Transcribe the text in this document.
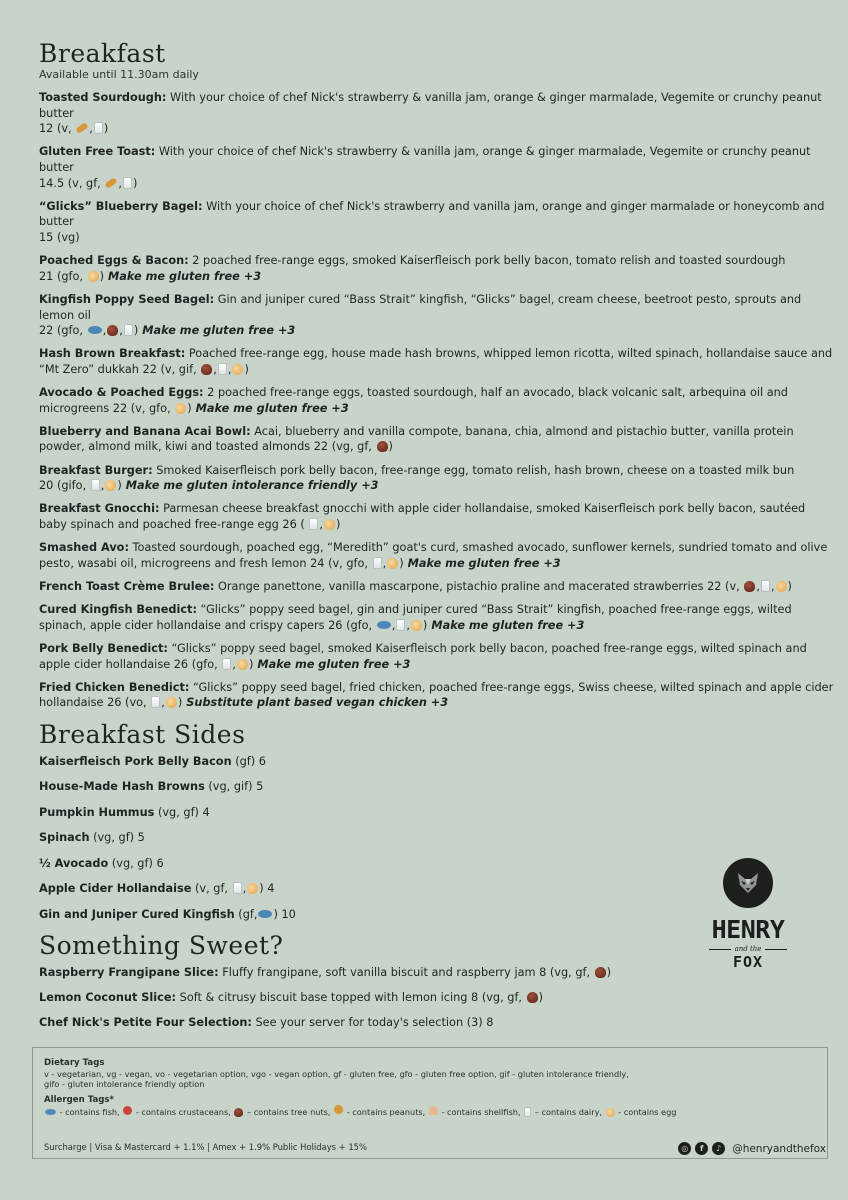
Breakfast
Available until 11.30am daily
Toasted Sourdough: With your choice of chef Nick's strawberry & vanilla jam, orange & ginger marmalade, Vegemite or crunchy peanut butter
12 (v, , )
Gluten Free Toast: With your choice of chef Nick's strawberry & vanilla jam, orange & ginger marmalade, Vegemite or crunchy peanut butter
14.5 (v, gf, , )
“Glicks” Blueberry Bagel: With your choice of chef Nick's strawberry and vanilla jam, orange and ginger marmalade or honeycomb and butter
15 (vg)
Poached Eggs & Bacon: 2 poached free-range eggs, smoked Kaiserfleisch pork belly bacon, tomato relish and toasted sourdough
21 (gfo, ) Make me gluten free +3
Kingfish Poppy Seed Bagel: Gin and juniper cured “Bass Strait” kingfish, “Glicks” bagel, cream cheese, beetroot pesto, sprouts and lemon oil
22 (gfo, , , ) Make me gluten free +3
Hash Brown Breakfast: Poached free-range egg, house made hash browns, whipped lemon ricotta, wilted spinach, hollandaise sauce and “Mt Zero” dukkah 22 (v, gif, , , )
Avocado & Poached Eggs: 2 poached free-range eggs, toasted sourdough, half an avocado, black volcanic salt, arbequina oil and microgreens 22 (v, gfo, ) Make me gluten free +3
Blueberry and Banana Acai Bowl: Acai, blueberry and vanilla compote, banana, chia, almond and pistachio butter, vanilla protein powder, almond milk, kiwi and toasted almonds 22 (vg, gf, )
Breakfast Burger: Smoked Kaiserfleisch pork belly bacon, free-range egg, tomato relish, hash brown, cheese on a toasted milk bun
20 (gifo, , ) Make me gluten intolerance friendly +3
Breakfast Gnocchi: Parmesan cheese breakfast gnocchi with apple cider hollandaise, smoked Kaiserfleisch pork belly bacon, sautéed baby spinach and poached free-range egg 26 ( , )
Smashed Avo: Toasted sourdough, poached egg, “Meredith” goat's curd, smashed avocado, sunflower kernels, sundried tomato and olive pesto, wasabi oil, microgreens and fresh lemon 24 (v, gfo, , ) Make me gluten free +3
French Toast Crème Brulee: Orange panettone, vanilla mascarpone, pistachio praline and macerated strawberries 22 (v, , , )
Cured Kingfish Benedict: “Glicks” poppy seed bagel, gin and juniper cured “Bass Strait” kingfish, poached free-range eggs, wilted spinach, apple cider hollandaise and crispy capers 26 (gfo, , , ) Make me gluten free +3
Pork Belly Benedict: “Glicks” poppy seed bagel, smoked Kaiserfleisch pork belly bacon, poached free-range eggs, wilted spinach and apple cider hollandaise 26 (gfo, , ) Make me gluten free +3
Fried Chicken Benedict: “Glicks” poppy seed bagel, fried chicken, poached free-range eggs, Swiss cheese, wilted spinach and apple cider hollandaise 26 (vo, , ) Substitute plant based vegan chicken +3
Breakfast Sides
Kaiserfleisch Pork Belly Bacon (gf) 6
House-Made Hash Browns (vg, gif) 5
Pumpkin Hummus (vg, gf) 4
Spinach (vg, gf) 5
½ Avocado (vg, gf) 6
Apple Cider Hollandaise (v, gf, , ) 4
Gin and Juniper Cured Kingfish (gf, ) 10
Something Sweet?
Raspberry Frangipane Slice: Fluffy frangipane, soft vanilla biscuit and raspberry jam 8 (vg, gf, )
Lemon Coconut Slice: Soft & citrusy biscuit base topped with lemon icing 8 (vg, gf, )
Chef Nick's Petite Four Selection: See your server for today's selection (3) 8
HENRY
and the
FOX
Dietary Tags
v - vegetarian, vg - vegan, vo - vegetarian option, vgo - vegan option, gf - gluten free, gfo - gluten free option, gif - gluten intolerance friendly,
gifo - gluten intolerance friendly option
Allergen Tags*
- contains fish,  - contains crustaceans,  – contains tree nuts,  - contains peanuts,  - contains shellfish,  – contains dairy,  - contains egg
Surcharge | Visa & Mastercard + 1.1% | Amex + 1.9% Public Holidays + 15%	◎	f	♪	@henryandthefox
